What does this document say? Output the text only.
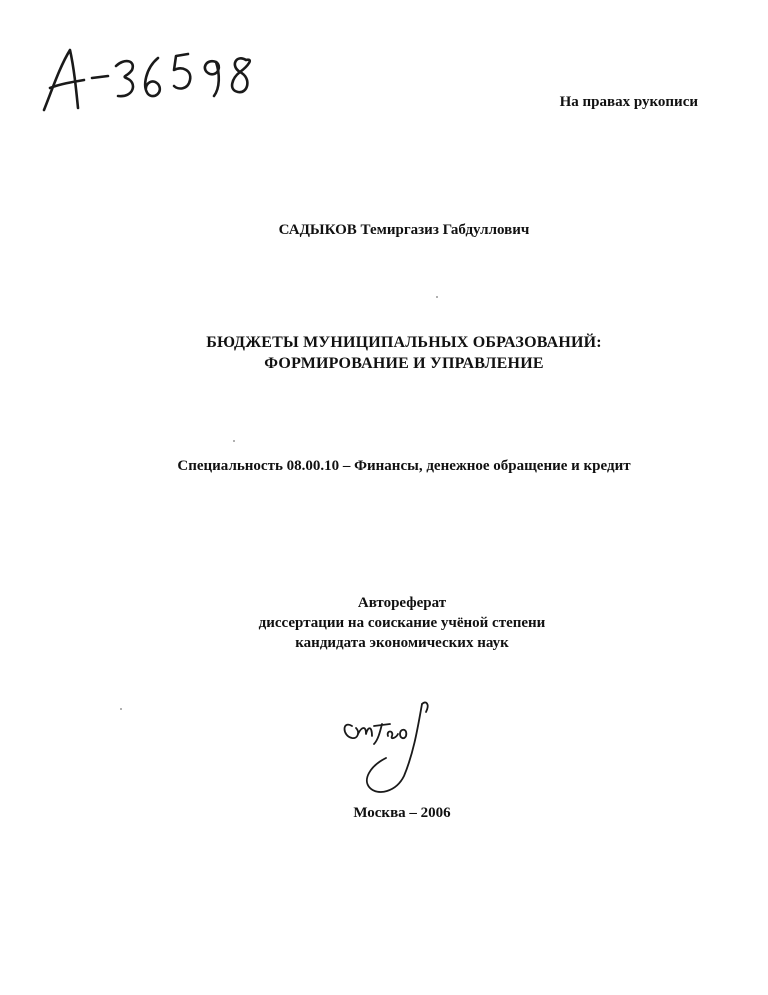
На правах рукописи
САДЫКОВ Темиргазиз Габдуллович
БЮДЖЕТЫ МУНИЦИПАЛЬНЫХ ОБРАЗОВАНИЙ:
ФОРМИРОВАНИЕ И УПРАВЛЕНИЕ
Специальность 08.00.10 – Финансы, денежное обращение и кредит
Автореферат
диссертации на соискание учёной степени
кандидата экономических наук
Москва – 2006
